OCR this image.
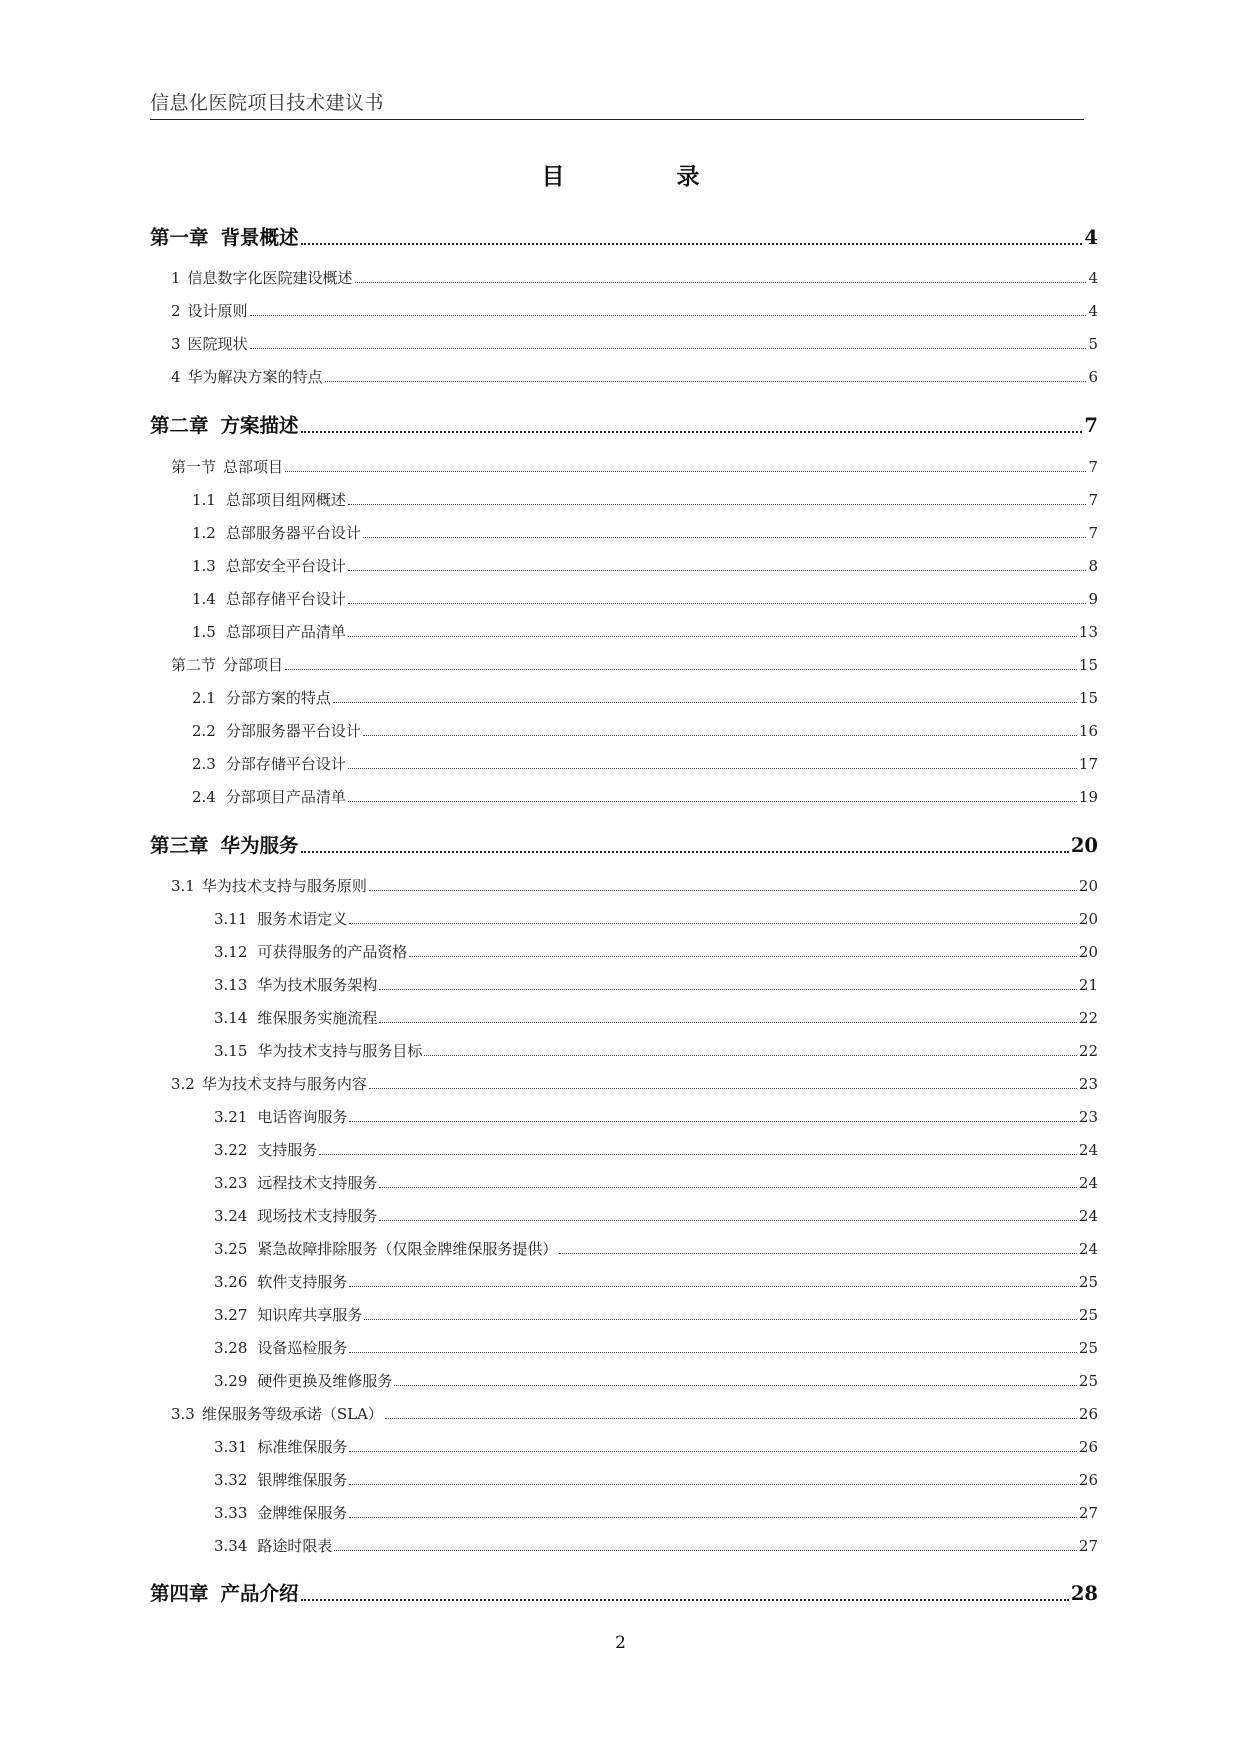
信息化医院项目技术建议书
目 录
第一章 背景概述	4
1 信息数字化医院建设概述	4
2 设计原则	4
3 医院现状	5
4 华为解决方案的特点	6
第二章 方案描述	7
第一节 总部项目	7
1.1 总部项目组网概述	7
1.2 总部服务器平台设计	7
1.3 总部安全平台设计	8
1.4 总部存储平台设计	9
1.5 总部项目产品清单	13
第二节 分部项目	15
2.1 分部方案的特点	15
2.2 分部服务器平台设计	16
2.3 分部存储平台设计	17
2.4 分部项目产品清单	19
第三章 华为服务	20
3.1 华为技术支持与服务原则	20
3.11 服务术语定义	20
3.12 可获得服务的产品资格	20
3.13 华为技术服务架构	21
3.14 维保服务实施流程	22
3.15 华为技术支持与服务目标	22
3.2 华为技术支持与服务内容	23
3.21 电话咨询服务	23
3.22 支持服务	24
3.23 远程技术支持服务	24
3.24 现场技术支持服务	24
3.25 紧急故障排除服务（仅限金牌维保服务提供）	24
3.26 软件支持服务	25
3.27 知识库共享服务	25
3.28 设备巡检服务	25
3.29 硬件更换及维修服务	25
3.3 维保服务等级承诺（SLA）	26
3.31 标准维保服务	26
3.32 银牌维保服务	26
3.33 金牌维保服务	27
3.34 路途时限表	27
第四章 产品介绍	28
2
